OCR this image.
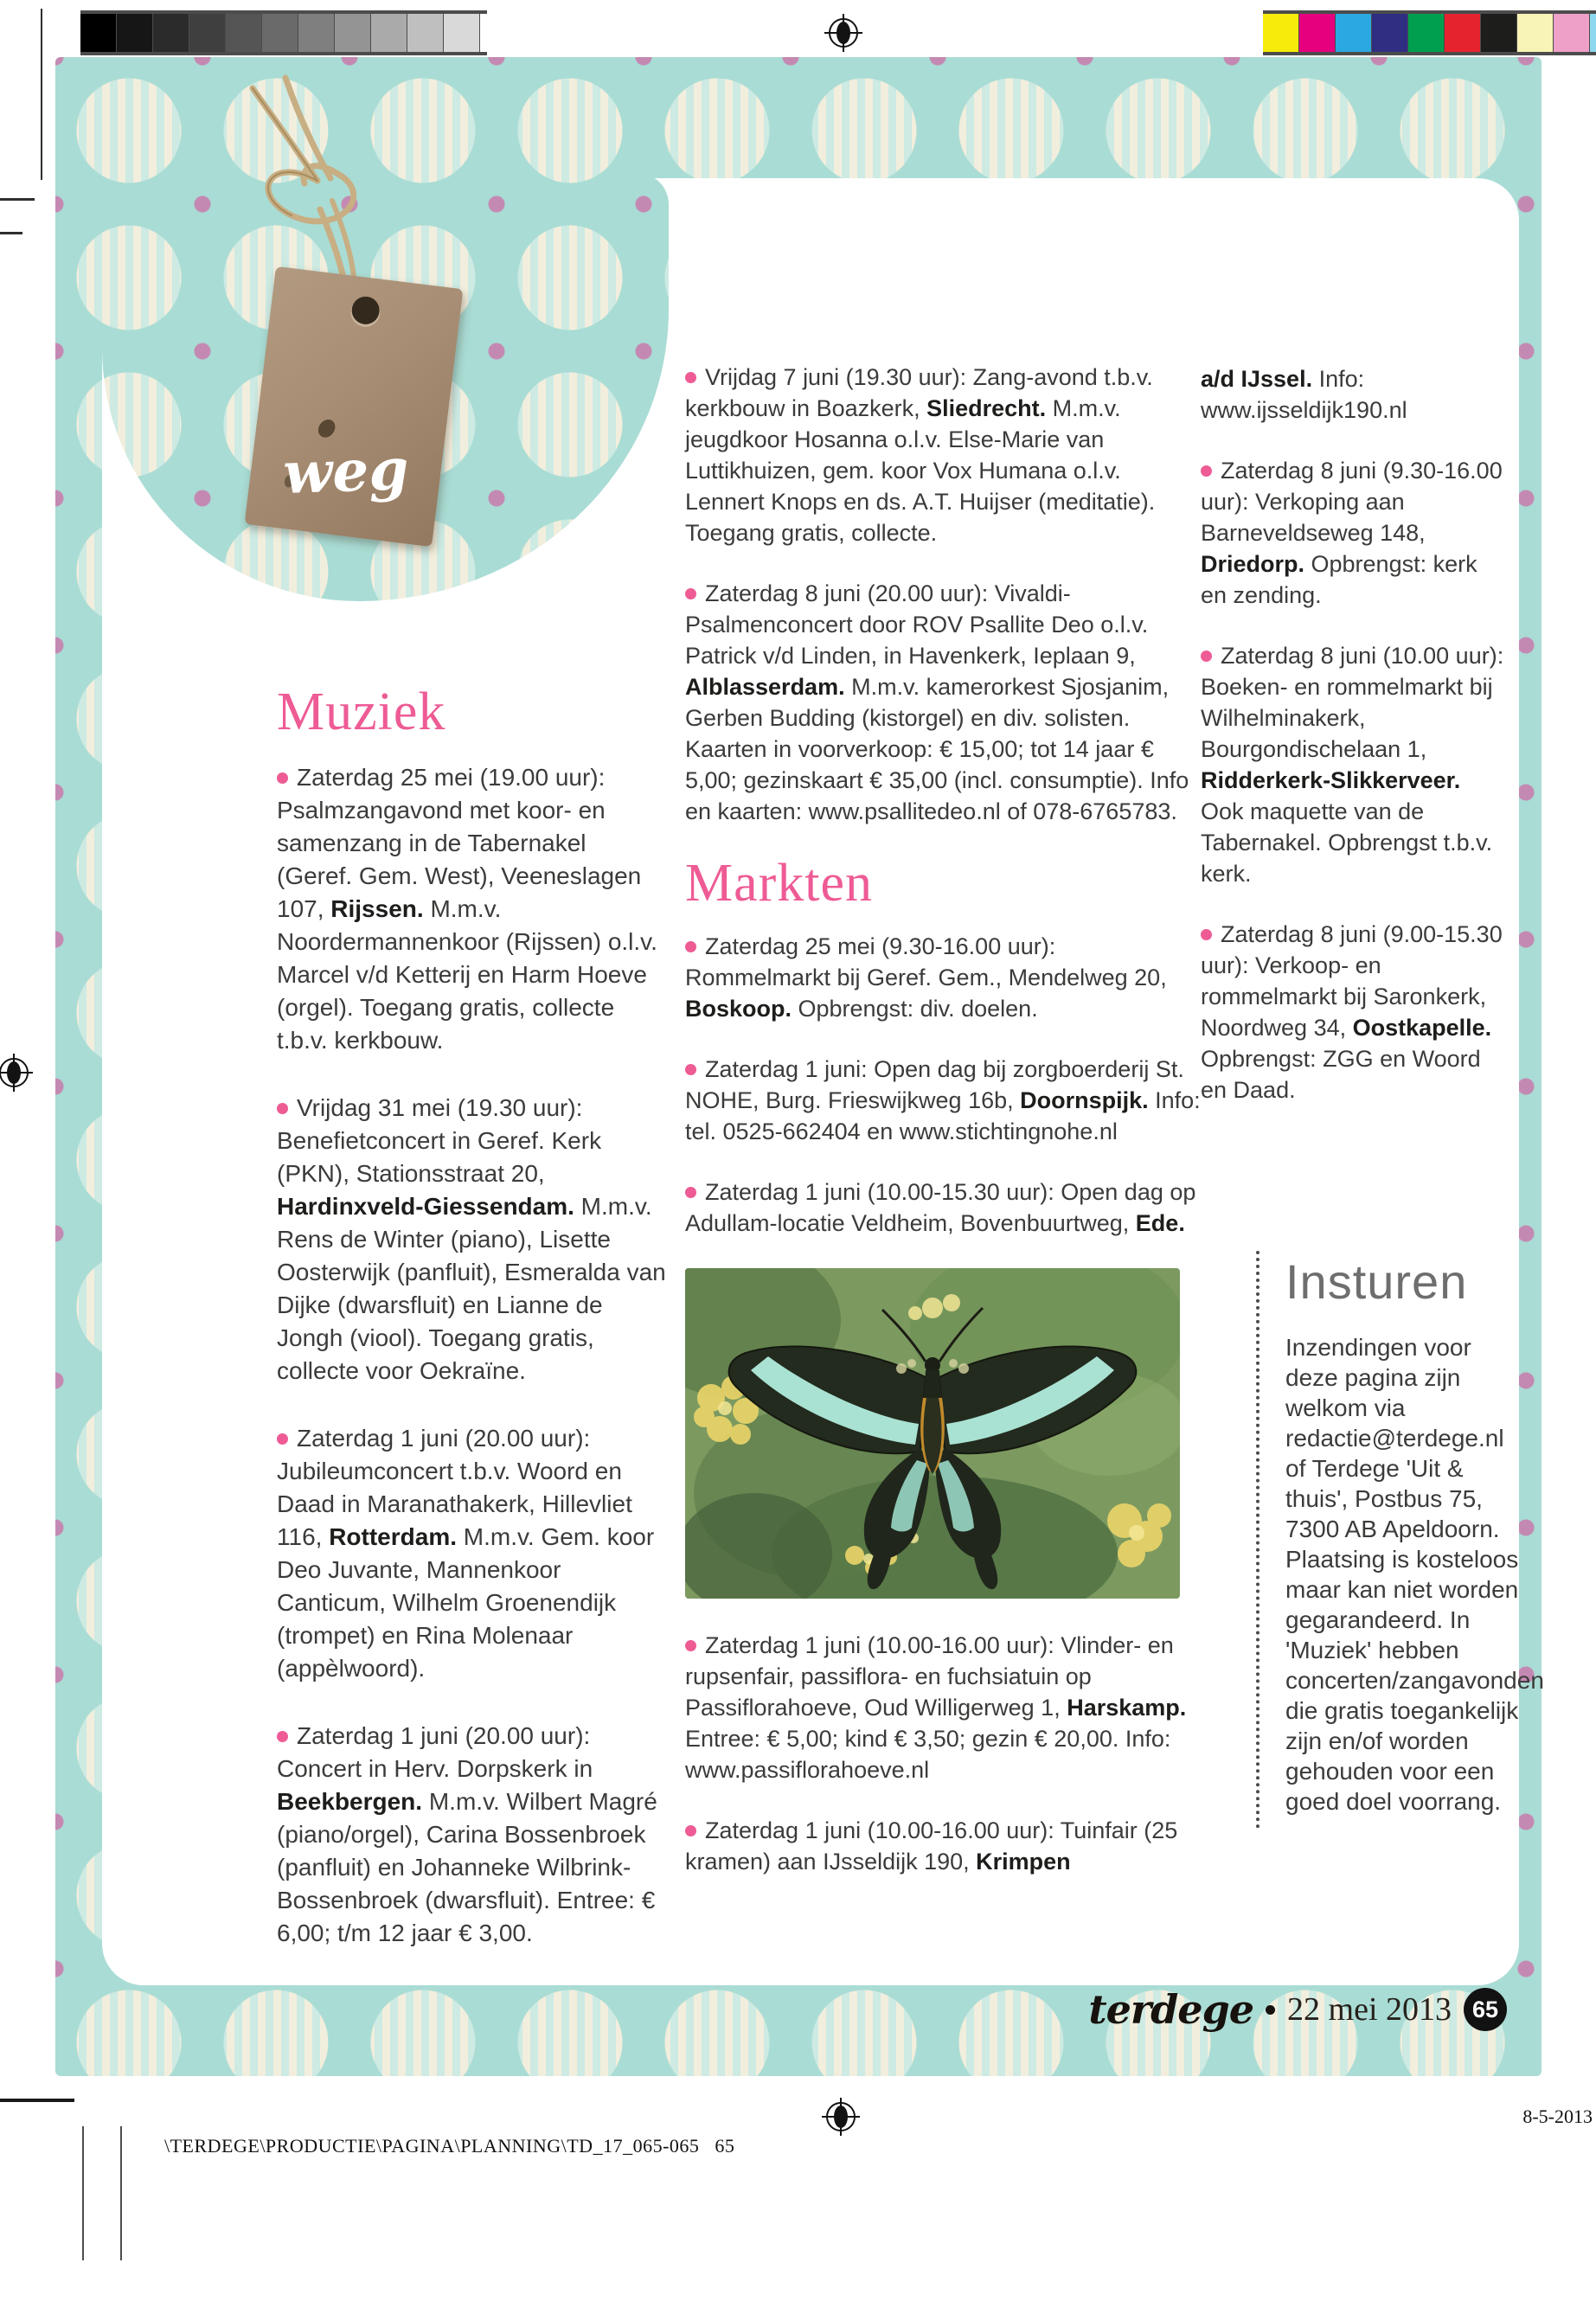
weg
Muziek

Zaterdag 25 mei (19.00 uur): Psalmzangavond met koor- en samenzang in de Tabernakel (Geref. Gem. West), Veeneslagen 107, Rijssen. M.m.v. Noordermannenkoor (Rijssen) o.l.v. Marcel v/d Ketterij en Harm Hoeve (orgel). Toegang gratis, collecte t.b.v. kerkbouw.

Vrijdag 31 mei (19.30 uur): Benefietconcert in Geref. Kerk (PKN), Stationsstraat 20, Hardinxveld-Giessendam. M.m.v. Rens de Winter (piano), Lisette Oosterwijk (panfluit), Esmeralda van Dijke (dwarsfluit) en Lianne de Jongh (viool). Toegang gratis, collecte voor Oekraïne.

Zaterdag 1 juni (20.00 uur): Jubileumconcert t.b.v. Woord en Daad in Maranathakerk, Hillevliet 116, Rotterdam. M.m.v. Gem. koor Deo Juvante, Mannenkoor Canticum, Wilhelm Groenendijk (trompet) en Rina Molenaar (appèlwoord).

Zaterdag 1 juni (20.00 uur): Concert in Herv. Dorpskerk in Beekbergen. M.m.v. Wilbert Magré (piano/orgel), Carina Bossenbroek (panfluit) en Johanneke Wilbrink-Bossenbroek (dwarsfluit). Entree: € 6,00; t/m 12 jaar € 3,00.

Vrijdag 7 juni (19.30 uur): Zang-avond t.b.v. kerkbouw in Boazkerk, Sliedrecht. M.m.v. jeugdkoor Hosanna o.l.v. Else-Marie van Luttikhuizen, gem. koor Vox Humana o.l.v. Lennert Knops en ds. A.T. Huijser (meditatie). Toegang gratis, collecte.

Zaterdag 8 juni (20.00 uur): Vivaldi-Psalmenconcert door ROV Psallite Deo o.l.v. Patrick v/d Linden, in Havenkerk, Ieplaan 9, Alblasserdam. M.m.v. kamerorkest Sjosjanim, Gerben Budding (kistorgel) en div. solisten. Kaarten in voorverkoop: € 15,00; tot 14 jaar € 5,00; gezinskaart € 35,00 (incl. consumptie). Info en kaarten: www.psallitedeo.nl of 078-6765783.

Markten

Zaterdag 25 mei (9.30-16.00 uur): Rommelmarkt bij Geref. Gem., Mendelweg 20, Boskoop. Opbrengst: div. doelen.

Zaterdag 1 juni: Open dag bij zorgboerderij St. NOHE, Burg. Frieswijkweg 16b, Doornspijk. Info: tel. 0525-662404 en www.stichtingnohe.nl

Zaterdag 1 juni (10.00-15.30 uur): Open dag op Adullam-locatie Veldheim, Bovenbuurtweg, Ede.

Zaterdag 1 juni (10.00-16.00 uur): Vlinder- en rupsenfair, passiflora- en fuchsiatuin op Passiflorahoeve, Oud Willigerweg 1, Harskamp. Entree: € 5,00; kind € 3,50; gezin € 20,00. Info: www.passiflorahoeve.nl

Zaterdag 1 juni (10.00-16.00 uur): Tuinfair (25 kramen) aan IJsseldijk 190, Krimpen

a/d IJssel. Info: www.ijsseldijk190.nl

Zaterdag 8 juni (9.30-16.00 uur): Verkoping aan Barneveldseweg 148, Driedorp. Opbrengst: kerk en zending.

Zaterdag 8 juni (10.00 uur): Boeken- en rommelmarkt bij Wilhelminakerk, Bourgondischelaan 1, Ridderkerk-Slikkerveer. Ook maquette van de Tabernakel. Opbrengst t.b.v. kerk.

Zaterdag 8 juni (9.00-15.30 uur): Verkoop- en rommelmarkt bij Saronkerk, Noordweg 34, Oostkapelle. Opbrengst: ZGG en Woord en Daad.

Insturen

Inzendingen voor deze pagina zijn welkom via redactie@terdege.nl of Terdege 'Uit & thuis', Postbus 75, 7300 AB Apeldoorn. Plaatsing is kosteloos maar kan niet worden gegarandeerd. In 'Muziek' hebben concerten/zangavonden die gratis toegankelijk zijn en/of worden gehouden voor een goed doel voorrang.

terdege 22 mei 2013 65
\TERDEGE\PRODUCTIE\PAGINA\PLANNING\TD_17_065-065   65
8-5-2013
